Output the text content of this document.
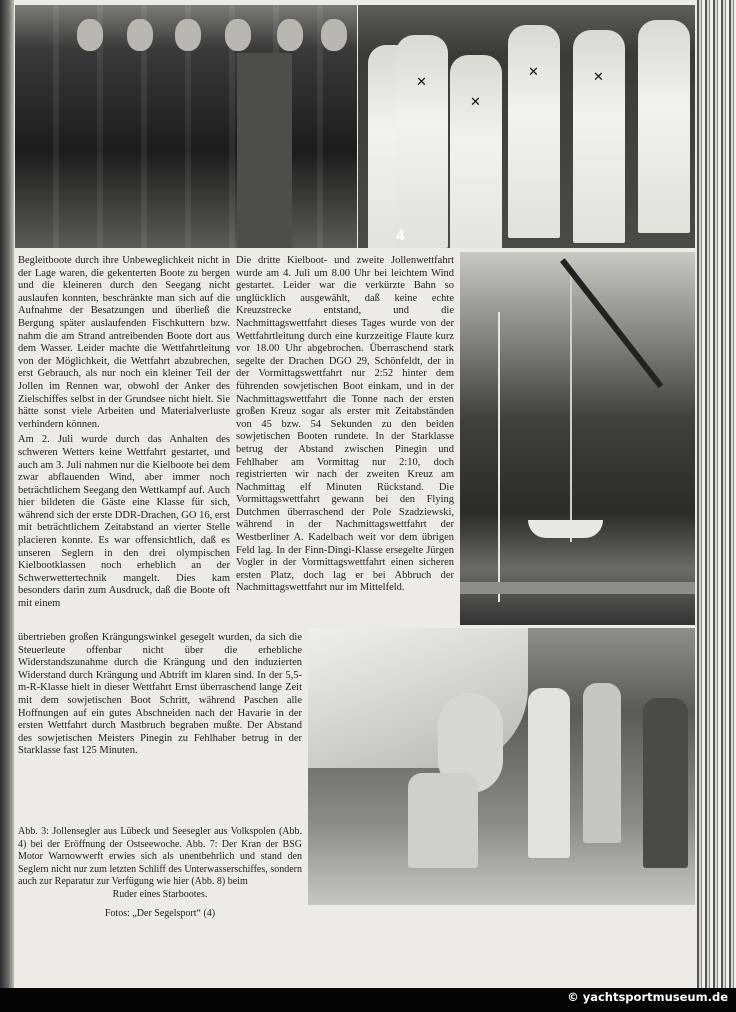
✕
✕
✕	✕
4

Begleitboote durch ihre Unbeweglichkeit nicht in der Lage waren, die gekenterten Boote zu bergen und die kleineren durch den Seegang nicht auslaufen konnten, beschränkte man sich auf die Aufnahme der Besatzungen und überließ die Bergung später auslaufenden Fischkuttern bzw. nahm die am Strand antreibenden Boote dort aus dem Wasser. Leider machte die Wettfahrtleitung von der Möglichkeit, die Wettfahrt abzubrechen, erst Gebrauch, als nur noch ein kleiner Teil der Jollen im Rennen war, obwohl der Anker des Zielschiffes selbst in der Grundsee nicht hielt. Sie hätte sonst viele Arbeiten und Materialverluste verhindern können.

Am 2. Juli wurde durch das Anhalten des schweren Wetters keine Wettfahrt gestartet, und auch am 3. Juli nahmen nur die Kielboote bei dem zwar abflauenden Wind, aber immer noch beträchtlichem Seegang den Wettkampf auf. Auch hier bildeten die Gäste eine Klasse für sich, während sich der erste DDR-Drachen, GO 16, erst mit beträchtlichem Zeitabstand an vierter Stelle placieren konnte. Es war offensichtlich, daß es unseren Seglern in den drei olympischen Kielbootklassen noch erheblich an der Schwerwettertechnik mangelt. Dies kam besonders darin zum Ausdruck, daß die Boote oft mit einem

Die dritte Kielboot- und zweite Jollenwettfahrt wurde am 4. Juli um 8.00 Uhr bei leichtem Wind gestartet. Leider war die verkürzte Bahn so unglücklich ausgewählt, daß keine echte Kreuzstrecke entstand, und die Nachmittagswettfahrt dieses Tages wurde von der Wettfahrtleitung durch eine kurzzeitige Flaute kurz vor 18.00 Uhr abgebrochen. Überraschend stark segelte der Drachen DGO 29, Schönfeldt, der in der Vormittagswettfahrt nur 2:52 hinter dem führenden sowjetischen Boot einkam, und in der Nachmittagswettfahrt die Tonne nach der ersten großen Kreuz sogar als erster mit Zeitabständen von 45 bzw. 54 Sekunden zu den beiden sowjetischen Booten rundete. In der Starklasse betrug der Abstand zwischen Pinegin und Fehlhaber am Vormittag nur 2:10, doch registrierten wir nach der zweiten Kreuz am Nachmittag elf Minuten Rückstand. Die Vormittagswettfahrt gewann bei den Flying Dutchmen überraschend der Pole Szadziewski, während in der Nachmittagswettfahrt der Westberliner A. Kadelbach weit vor dem übrigen Feld lag. In der Finn-Dingi-Klasse ersegelte Jürgen Vogler in der Vormittagswettfahrt einen sicheren ersten Platz, doch lag er bei Abbruch der Nachmittagswettfahrt nur im Mittelfeld.

übertrieben großen Krängungswinkel gesegelt wurden, da sich die Steuerleute offenbar nicht über die erhebliche Widerstandszunahme durch die Krängung und den induzierten Widerstand durch Krängung und Abtrift im klaren sind. In der 5,5-m-R-Klasse hielt in dieser Wettfahrt Ernst überraschend lange Zeit mit dem sowjetischen Boot Schritt, während Paschen alle Hoffnungen auf ein gutes Abschneiden nach der Havarie in der ersten Wettfahrt durch Mastbruch begraben mußte. Der Abstand des sowjetischen Meisters Pinegin zu Fehlhaber betrug in der Starklasse fast 125 Minuten.

Abb. 3: Jollensegler aus Lübeck und Seesegler aus Volkspolen (Abb. 4) bei der Eröffnung der Ostseewoche. Abb. 7: Der Kran der BSG Motor Warnowwerft erwies sich als unentbehrlich und stand den Seglern nicht nur zum letzten Schliff des Unterwasserschiffes, sondern auch zur Reparatur zur Verfügung wie hier (Abb. 8) beim
Ruder eines Starbootes.
Fotos: „Der Segelsport“ (4)
© yachtsportmuseum.de
